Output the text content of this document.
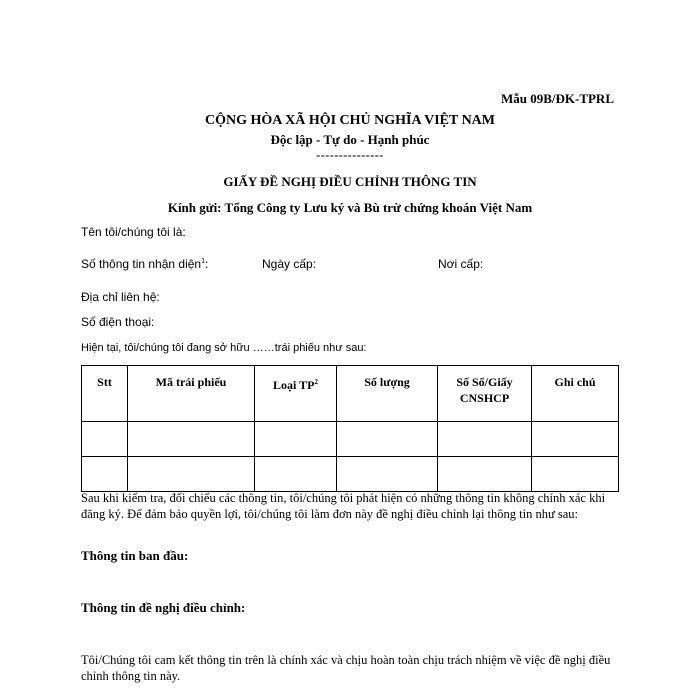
Mẫu 09B/ĐK-TPRL
CỘNG HÒA XÃ HỘI CHỦ NGHĨA VIỆT NAM
Độc lập - Tự do - Hạnh phúc
---------------
GIẤY ĐỀ NGHỊ ĐIỀU CHỈNH THÔNG TIN
Kính gửi: Tổng Công ty Lưu ký và Bù trừ chứng khoán Việt Nam
Tên tôi/chúng tôi là:
Số thông tin nhận diện$^1$:	Ngày cấp:	Nơi cấp:
Địa chỉ liên hệ:
Số điện thoại:
Hiện tại, tôi/chúng tôi đang sở hữu ……trái phiếu như sau:
Stt	Mã trái phiếu	Loại $TP^2$	Số lượng	Số Sổ/Giấy CNSHCP	Ghi chú

Sau khi kiểm tra, đối chiếu các thông tin, tôi/chúng tôi phát hiện có những thông tin không chính xác khi đăng ký. Để đảm bảo quyền lợi, tôi/chúng tôi làm đơn này đề nghị điều chỉnh lại thông tin như sau:
Thông tin ban đầu:
Thông tin đề nghị điều chỉnh:
Tôi/Chúng tôi cam kết thông tin trên là chính xác và chịu hoàn toàn chịu trách nhiệm về việc đề nghị điều chỉnh thông tin này.
